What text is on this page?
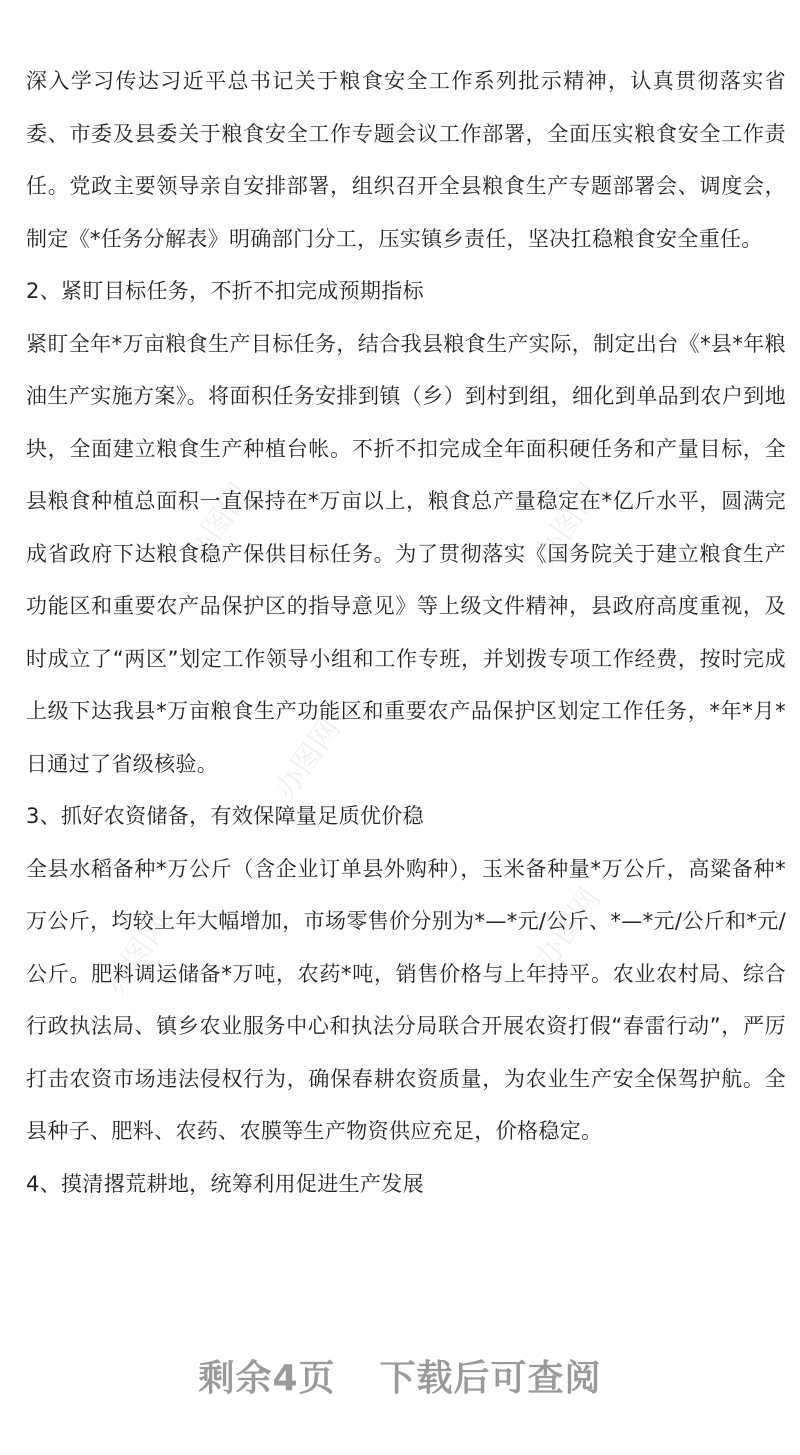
办图网	办图网
办图网
办图网	办图网

深入学习传达习近平总书记关于粮食安全工作系列批示精神，认真贯彻落实省委、市委及县委关于粮食安全工作专题会议工作部署，全面压实粮食安全工作责任。党政主要领导亲自安排部署，组织召开全县粮食生产专题部署会、调度会，制定《*任务分解表》明确部门分工，压实镇乡责任，坚决扛稳粮食安全重任。

2、紧盯目标任务，不折不扣完成预期指标

紧盯全年*万亩粮食生产目标任务，结合我县粮食生产实际，制定出台《*县*年粮油生产实施方案》。将面积任务安排到镇（乡）到村到组，细化到单品到农户到地块，全面建立粮食生产种植台帐。不折不扣完成全年面积硬任务和产量目标，全县粮食种植总面积一直保持在*万亩以上，粮食总产量稳定在*亿斤水平，圆满完成省政府下达粮食稳产保供目标任务。为了贯彻落实《国务院关于建立粮食生产功能区和重要农产品保护区的指导意见》等上级文件精神，县政府高度重视，及时成立了“两区”划定工作领导小组和工作专班，并划拨专项工作经费，按时完成上级下达我县*万亩粮食生产功能区和重要农产品保护区划定工作任务，*年*月*日通过了省级核验。

3、抓好农资储备，有效保障量足质优价稳

全县水稻备种*万公斤（含企业订单县外购种），玉米备种量*万公斤，高粱备种*万公斤，均较上年大幅增加，市场零售价分别为*—*元/公斤、*—*元/公斤和*元/公斤。肥料调运储备*万吨，农药*吨，销售价格与上年持平。农业农村局、综合行政执法局、镇乡农业服务中心和执法分局联合开展农资打假“春雷行动”，严厉打击农资市场违法侵权行为，确保春耕农资质量，为农业生产安全保驾护航。全县种子、肥料、农药、农膜等生产物资供应充足，价格稳定。

4、摸清撂荒耕地，统筹利用促进生产发展

剩余4页 下载后可查阅
